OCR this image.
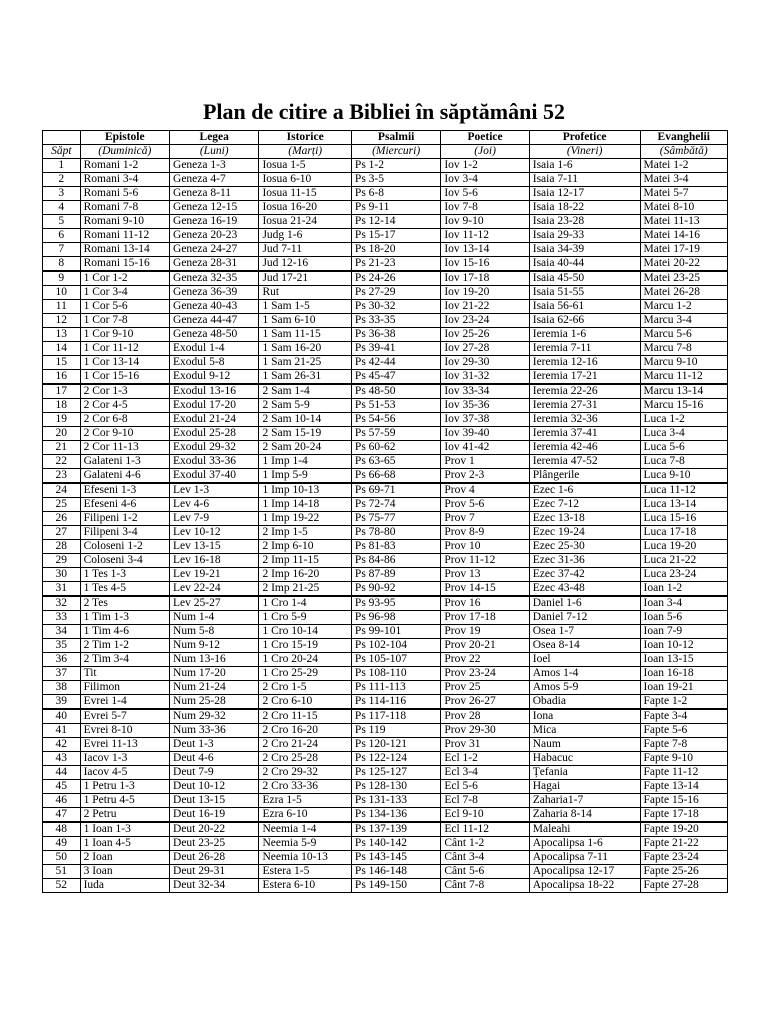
Plan de citire a Bibliei în săptămâni 52
	Epistole	Legea	Istorice	Psalmii	Poetice	Profetice	Evanghelii
Săpt	(Duminică)	(Luni)	(Marți)	(Miercuri)	(Joi)	(Vineri)	(Sâmbătă)
1	Romani 1-2	Geneza 1-3	Iosua 1-5	Ps 1-2	Iov 1-2	Isaia 1-6	Matei 1-2
2	Romani 3-4	Geneza 4-7	Iosua 6-10	Ps 3-5	Iov 3-4	Isaia 7-11	Matei 3-4
3	Romani 5-6	Geneza 8-11	Iosua 11-15	Ps 6-8	Iov 5-6	Isaia 12-17	Matei 5-7
4	Romani 7-8	Geneza 12-15	Iosua 16-20	Ps 9-11	Iov 7-8	Isaia 18-22	Matei 8-10
5	Romani 9-10	Geneza 16-19	Iosua 21-24	Ps 12-14	Iov 9-10	Isaia 23-28	Matei 11-13
6	Romani 11-12	Geneza 20-23	Judg 1-6	Ps 15-17	Iov 11-12	Isaia 29-33	Matei 14-16
7	Romani 13-14	Geneza 24-27	Jud 7-11	Ps 18-20	Iov 13-14	Isaia 34-39	Matei 17-19
8	Romani 15-16	Geneza 28-31	Jud 12-16	Ps 21-23	Iov 15-16	Isaia 40-44	Matei 20-22
9	1 Cor 1-2	Geneza 32-35	Jud 17-21	Ps 24-26	Iov 17-18	Isaia 45-50	Matei 23-25
10	1 Cor 3-4	Geneza 36-39	Rut	Ps 27-29	Iov 19-20	Isaia 51-55	Matei 26-28
11	1 Cor 5-6	Geneza 40-43	1 Sam 1-5	Ps 30-32	Iov 21-22	Isaia 56-61	Marcu 1-2
12	1 Cor 7-8	Geneza 44-47	1 Sam 6-10	Ps 33-35	Iov 23-24	Isaia 62-66	Marcu 3-4
13	1 Cor 9-10	Geneza 48-50	1 Sam 11-15	Ps 36-38	Iov 25-26	Ieremia 1-6	Marcu 5-6
14	1 Cor 11-12	Exodul 1-4	1 Sam 16-20	Ps 39-41	Iov 27-28	Ieremia 7-11	Marcu 7-8
15	1 Cor 13-14	Exodul 5-8	1 Sam 21-25	Ps 42-44	Iov 29-30	Ieremia 12-16	Marcu 9-10
16	1 Cor 15-16	Exodul 9-12	1 Sam 26-31	Ps 45-47	Iov 31-32	Ieremia 17-21	Marcu 11-12
17	2 Cor 1-3	Exodul 13-16	2 Sam 1-4	Ps 48-50	Iov 33-34	Ieremia 22-26	Marcu 13-14
18	2 Cor 4-5	Exodul 17-20	2 Sam 5-9	Ps 51-53	Iov 35-36	Ieremia 27-31	Marcu 15-16
19	2 Cor 6-8	Exodul 21-24	2 Sam 10-14	Ps 54-56	Iov 37-38	Ieremia 32-36	Luca 1-2
20	2 Cor 9-10	Exodul 25-28	2 Sam 15-19	Ps 57-59	Iov 39-40	Ieremia 37-41	Luca 3-4
21	2 Cor 11-13	Exodul 29-32	2 Sam 20-24	Ps 60-62	Iov 41-42	Ieremia 42-46	Luca 5-6
22	Galateni 1-3	Exodul 33-36	1 Imp 1-4	Ps 63-65	Prov 1	Ieremia 47-52	Luca 7-8
23	Galateni 4-6	Exodul 37-40	1 Imp 5-9	Ps 66-68	Prov 2-3	Plângerile	Luca 9-10
24	Efeseni 1-3	Lev 1-3	1 Imp 10-13	Ps 69-71	Prov 4	Ezec 1-6	Luca 11-12
25	Efeseni 4-6	Lev 4-6	1 Imp 14-18	Ps 72-74	Prov 5-6	Ezec 7-12	Luca 13-14
26	Filipeni 1-2	Lev 7-9	1 Imp 19-22	Ps 75-77	Prov 7	Ezec 13-18	Luca 15-16
27	Filipeni 3-4	Lev 10-12	2 Imp 1-5	Ps 78-80	Prov 8-9	Ezec 19-24	Luca 17-18
28	Coloseni 1-2	Lev 13-15	2 Imp 6-10	Ps 81-83	Prov 10	Ezec 25-30	Luca 19-20
29	Coloseni 3-4	Lev 16-18	2 Imp 11-15	Ps 84-86	Prov 11-12	Ezec 31-36	Luca 21-22
30	1 Tes 1-3	Lev 19-21	2 Imp 16-20	Ps 87-89	Prov 13	Ezec 37-42	Luca 23-24
31	1 Tes 4-5	Lev 22-24	2 Imp 21-25	Ps 90-92	Prov 14-15	Ezec 43-48	Ioan 1-2
32	2 Tes	Lev 25-27	1 Cro 1-4	Ps 93-95	Prov 16	Daniel 1-6	Ioan 3-4
33	1 Tim 1-3	Num 1-4	1 Cro 5-9	Ps 96-98	Prov 17-18	Daniel 7-12	Ioan 5-6
34	1 Tim 4-6	Num 5-8	1 Cro 10-14	Ps 99-101	Prov 19	Osea 1-7	Ioan 7-9
35	2 Tim 1-2	Num 9-12	1 Cro 15-19	Ps 102-104	Prov 20-21	Osea 8-14	Ioan 10-12
36	2 Tim 3-4	Num 13-16	1 Cro 20-24	Ps 105-107	Prov 22	Ioel	Ioan 13-15
37	Tit	Num 17-20	1 Cro 25-29	Ps 108-110	Prov 23-24	Amos 1-4	Ioan 16-18
38	Filimon	Num 21-24	2 Cro 1-5	Ps 111-113	Prov 25	Amos 5-9	Ioan 19-21
39	Evrei 1-4	Num 25-28	2 Cro 6-10	Ps 114-116	Prov 26-27	Obadia	Fapte 1-2
40	Evrei 5-7	Num 29-32	2 Cro 11-15	Ps 117-118	Prov 28	Iona	Fapte 3-4
41	Evrei 8-10	Num 33-36	2 Cro 16-20	Ps 119	Prov 29-30	Mica	Fapte 5-6
42	Evrei 11-13	Deut 1-3	2 Cro 21-24	Ps 120-121	Prov 31	Naum	Fapte 7-8
43	Iacov 1-3	Deut 4-6	2 Cro 25-28	Ps 122-124	Ecl 1-2	Habacuc	Fapte 9-10
44	Iacov 4-5	Deut 7-9	2 Cro 29-32	Ps 125-127	Ecl 3-4	Țefania	Fapte 11-12
45	1 Petru 1-3	Deut 10-12	2 Cro 33-36	Ps 128-130	Ecl 5-6	Hagai	Fapte 13-14
46	1 Petru 4-5	Deut 13-15	Ezra 1-5	Ps 131-133	Ecl 7-8	Zaharia1-7	Fapte 15-16
47	2 Petru	Deut 16-19	Ezra 6-10	Ps 134-136	Ecl 9-10	Zaharia 8-14	Fapte 17-18
48	1 Ioan 1-3	Deut 20-22	Neemia 1-4	Ps 137-139	Ecl 11-12	Maleahi	Fapte 19-20
49	1 Ioan 4-5	Deut 23-25	Neemia 5-9	Ps 140-142	Cânt 1-2	Apocalipsa 1-6	Fapte 21-22
50	2 Ioan	Deut 26-28	Neemia 10-13	Ps 143-145	Cânt 3-4	Apocalipsa 7-11	Fapte 23-24
51	3 Ioan	Deut 29-31	Estera 1-5	Ps 146-148	Cânt 5-6	Apocalipsa 12-17	Fapte 25-26
52	Iuda	Deut 32-34	Estera 6-10	Ps 149-150	Cânt 7-8	Apocalipsa 18-22	Fapte 27-28
